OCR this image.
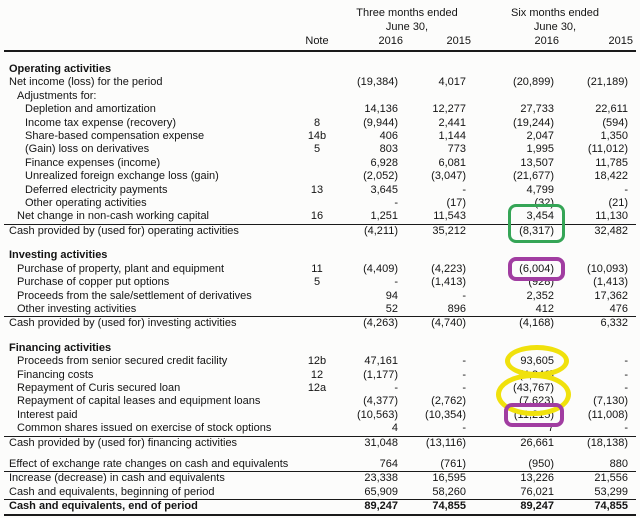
		Three months ended		Six months ended	
		June 30,		June 30,	
	Note	2016	2015	2016	2015
Operating activities					
Net income (loss) for the period		(19,384)	4,017	(20,899)	(21,189)
Adjustments for:					
Depletion and amortization		14,136	12,277	27,733	22,611
Income tax expense (recovery)	8	(9,944)	2,441	(19,244)	(594)
Share-based compensation expense	14b	406	1,144	2,047	1,350
(Gain) loss on derivatives	5	803	773	1,995	(11,012)
Finance expenses (income)		6,928	6,081	13,507	11,785
Unrealized foreign exchange loss (gain)		(2,052)	(3,047)	(21,677)	18,422
Deferred electricity payments	13	3,645	-	4,799	-
Other operating activities		-	(17)	(32)	(21)
Net change in non-cash working capital	16	1,251	11,543	3,454	11,130
Cash provided by (used for) operating activities		(4,211)	35,212	(8,317)	32,482
Investing activities					
Purchase of property, plant and equipment	11	(4,409)	(4,223)	(6,004)	(10,093)
Purchase of copper put options	5	-	(1,413)	(928)	(1,413)
Proceeds from the sale/settlement of derivatives		94	-	2,352	17,362
Other investing activities		52	896	412	476
Cash provided by (used for) investing activities		(4,263)	(4,740)	(4,168)	6,332
Financing activities					
Proceeds from senior secured credit facility	12b	47,161	-	93,605	-
Financing costs	12	(1,177)	-	(4,346)	-
Repayment of Curis secured loan	12a	-	-	(43,767)	-
Repayment of capital leases and equipment loans		(4,377)	(2,762)	(7,623)	(7,130)
Interest paid		(10,563)	(10,354)	(11,215)	(11,008)
Common shares issued on exercise of stock options		4	-	7	-
Cash provided by (used for) financing activities		31,048	(13,116)	26,661	(18,138)
Effect of exchange rate changes on cash and equivalents		764	(761)	(950)	880
Increase (decrease) in cash and equivalents		23,338	16,595	13,226	21,556
Cash and equivalents, beginning of period		65,909	58,260	76,021	53,299
Cash and equivalents, end of period		89,247	74,855	89,247	74,855
